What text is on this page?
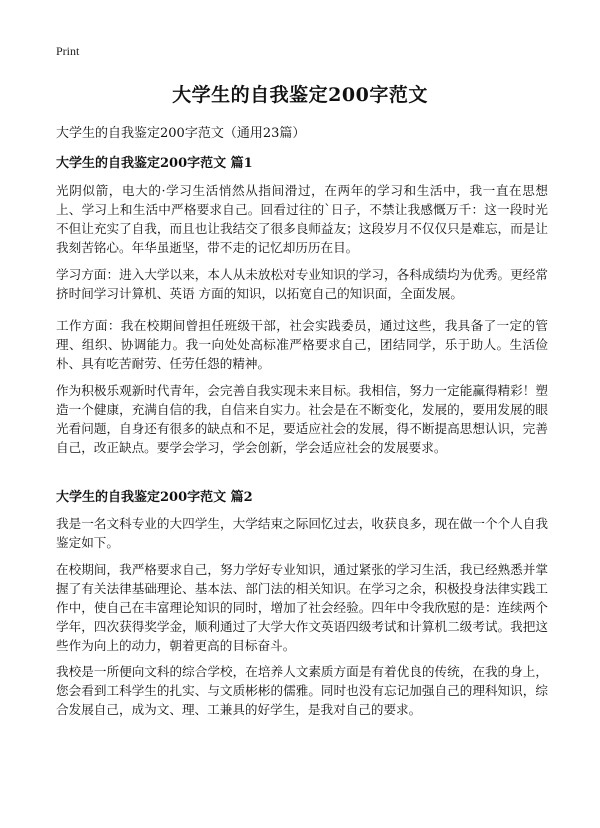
Print
大学生的自我鉴定200字范文
大学生的自我鉴定200字范文（通用23篇）
大学生的自我鉴定200字范文 篇1

光阴似箭，电大的·学习生活悄然从指间滑过，在两年的学习和生活中，我一直在思想上、学习上和生活中严格要求自己。回看过往的`日子，不禁让我感慨万千：这一段时光不但让充实了自我，而且也让我结交了很多良师益友；这段岁月不仅仅只是难忘，而是让我刻苦铭心。年华虽逝坚，带不走的记忆却历历在目。

学习方面：进入大学以来，本人从未放松对专业知识的学习，各科成绩均为优秀。更经常挤时间学习计算机、英语 方面的知识，以拓宽自己的知识面，全面发展。

工作方面：我在校期间曾担任班级干部，社会实践委员，通过这些，我具备了一定的管理、组织、协调能力。我一向处处高标准严格要求自己，团结同学，乐于助人。生活俭朴、具有吃苦耐劳、任劳任怨的精神。

作为积极乐观新时代青年，会完善自我实现未来目标。我相信，努力一定能赢得精彩！塑造一个健康，充满自信的我，自信来自实力。社会是在不断变化，发展的，要用发展的眼光看问题，自身还有很多的缺点和不足，要适应社会的发展，得不断提高思想认识，完善自己，改正缺点。要学会学习，学会创新，学会适应社会的发展要求。

大学生的自我鉴定200字范文 篇2

我是一名文科专业的大四学生，大学结束之际回忆过去，收获良多，现在做一个个人自我鉴定如下。

在校期间，我严格要求自己，努力学好专业知识，通过紧张的学习生活，我已经熟悉并掌握了有关法律基础理论、基本法、部门法的相关知识。在学习之余，积极投身法律实践工作中，使自己在丰富理论知识的同时，增加了社会经验。四年中令我欣慰的是：连续两个学年，四次获得奖学金，顺利通过了大学大作文英语四级考试和计算机二级考试。我把这些作为向上的动力，朝着更高的目标奋斗。

我校是一所便向文科的综合学校，在培养人文素质方面是有着优良的传统，在我的身上，您会看到工科学生的扎实、与文质彬彬的儒雅。同时也没有忘记加强自己的理科知识，综合发展自己，成为文、理、工兼具的好学生，是我对自己的要求。
